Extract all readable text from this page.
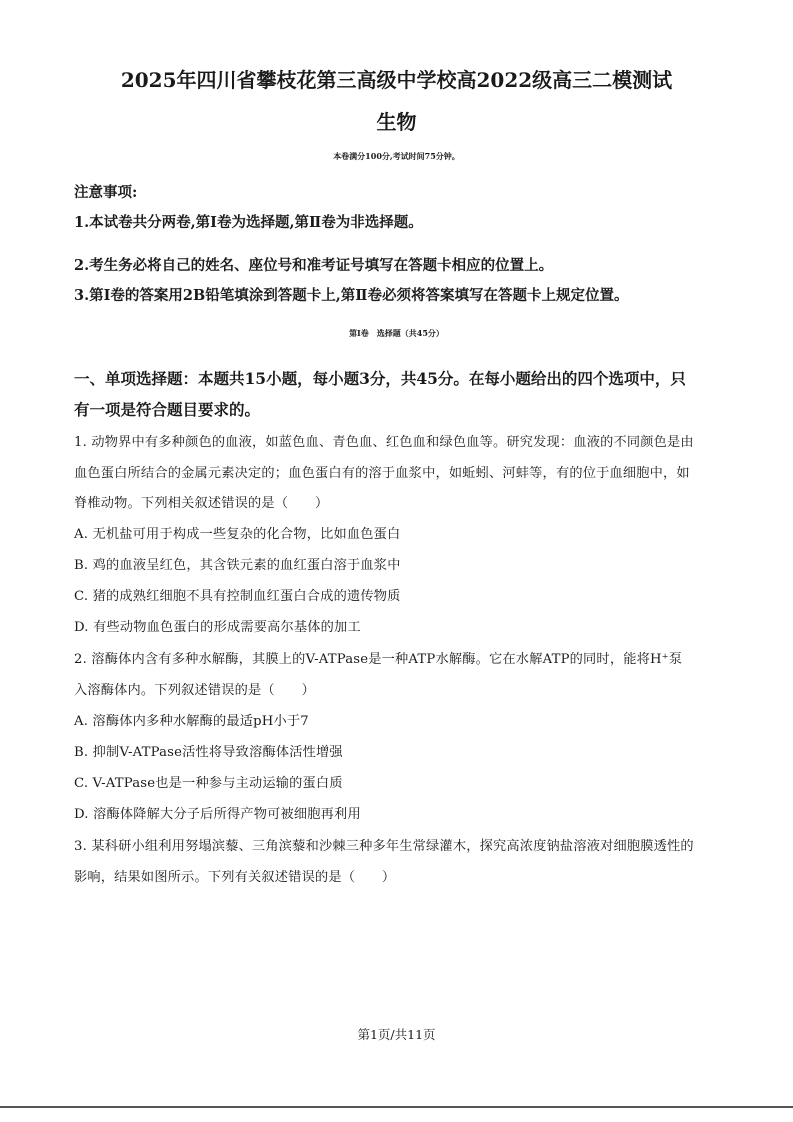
2025年四川省攀枝花第三高级中学校高2022级高三二模测试
生物
本卷满分100分,考试时间75分钟。
注意事项:
1.本试卷共分两卷,第Ⅰ卷为选择题,第Ⅱ卷为非选择题。
2.考生务必将自己的姓名、座位号和准考证号填写在答题卡相应的位置上。
3.第Ⅰ卷的答案用2B铅笔填涂到答题卡上,第Ⅱ卷必须将答案填写在答题卡上规定位置。
第Ⅰ卷　选择题（共45分）
一、单项选择题：本题共15小题，每小题3分，共45分。在每小题给出的四个选项中，只
有一项是符合题目要求的。
1. 动物界中有多种颜色的血液，如蓝色血、青色血、红色血和绿色血等。研究发现：血液的不同颜色是由
血色蛋白所结合的金属元素决定的；血色蛋白有的溶于血浆中，如蚯蚓、河蚌等，有的位于血细胞中，如
脊椎动物。下列相关叙述错误的是（　　）
A. 无机盐可用于构成一些复杂的化合物，比如血色蛋白
B. 鸡的血液呈红色，其含铁元素的血红蛋白溶于血浆中
C. 猪的成熟红细胞不具有控制血红蛋白合成的遗传物质
D. 有些动物血色蛋白的形成需要高尔基体的加工
2. 溶酶体内含有多种水解酶，其膜上的V-ATPase是一种ATP水解酶。它在水解ATP的同时，能将H⁺泵
入溶酶体内。下列叙述错误的是（　　）
A. 溶酶体内多种水解酶的最适pH小于7
B. 抑制V-ATPase活性将导致溶酶体活性增强
C. V-ATPase也是一种参与主动运输的蛋白质
D. 溶酶体降解大分子后所得产物可被细胞再利用
3. 某科研小组利用努塌滨藜、三角滨藜和沙棘三种多年生常绿灌木，探究高浓度钠盐溶液对细胞膜透性的
影响，结果如图所示。下列有关叙述错误的是（　　）
第1页/共11页
